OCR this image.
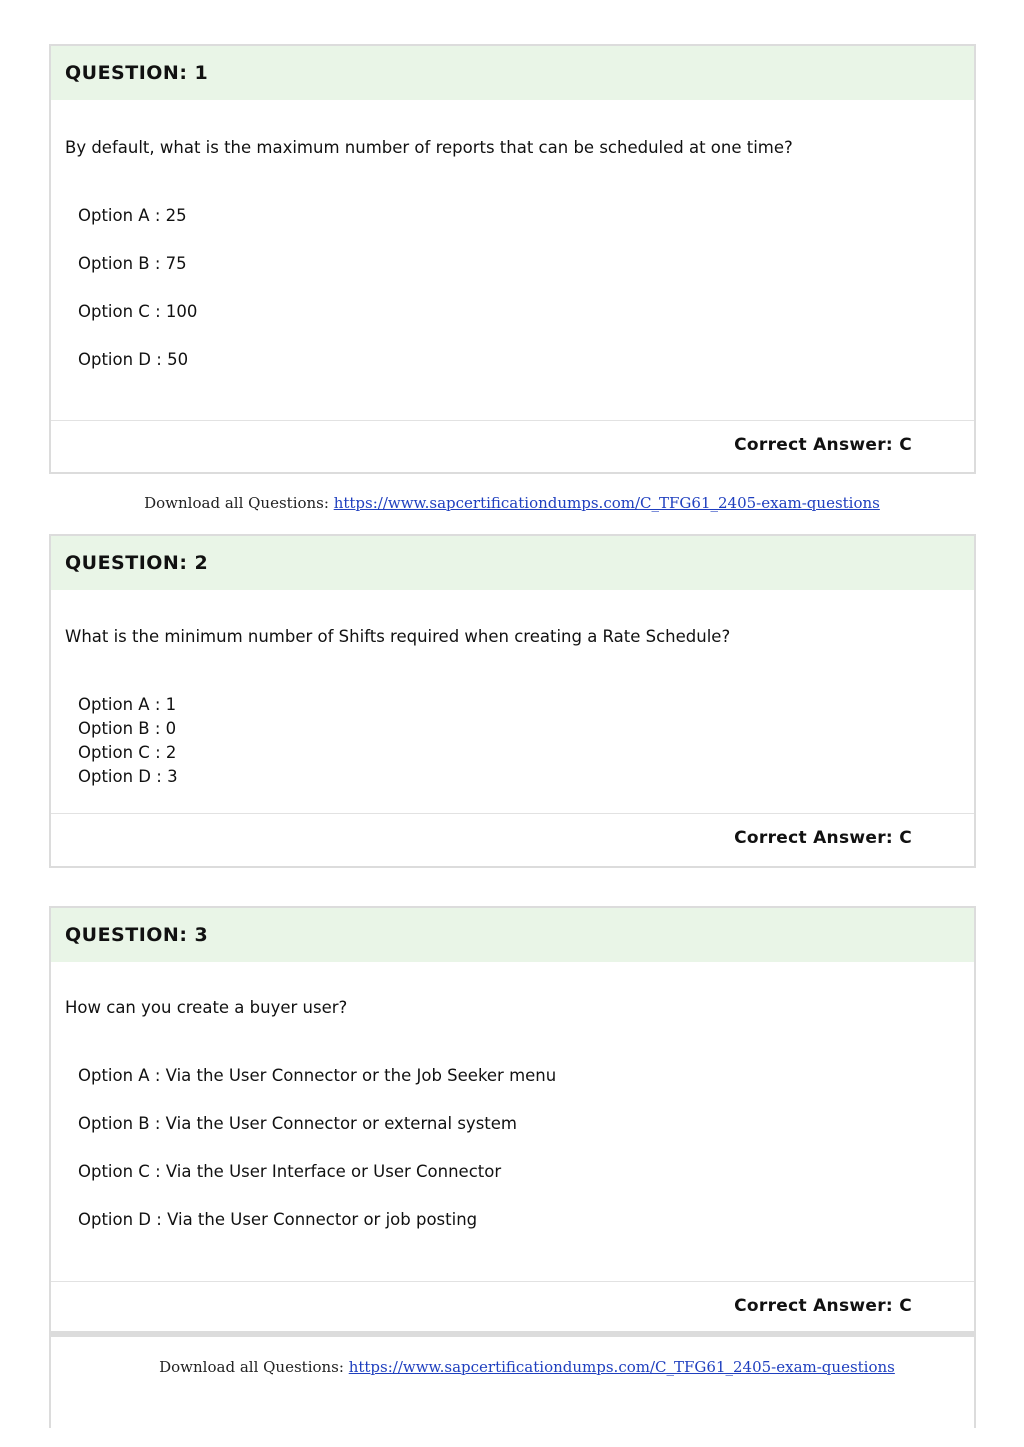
QUESTION: 1
By default, what is the maximum number of reports that can be scheduled at one time?
Option A : 25
Option B : 75
Option C : 100
Option D : 50
Correct Answer: C
Download all Questions: https://www.sapcertificationdumps.com/C_TFG61_2405-exam-questions
QUESTION: 2
What is the minimum number of Shifts required when creating a Rate Schedule?
Option A : 1
Option B : 0
Option C : 2
Option D : 3
Correct Answer: C
QUESTION: 3
How can you create a buyer user?
Option A : Via the User Connector or the Job Seeker menu
Option B : Via the User Connector or external system
Option C : Via the User Interface or User Connector
Option D : Via the User Connector or job posting
Correct Answer: C
Download all Questions: https://www.sapcertificationdumps.com/C_TFG61_2405-exam-questions
